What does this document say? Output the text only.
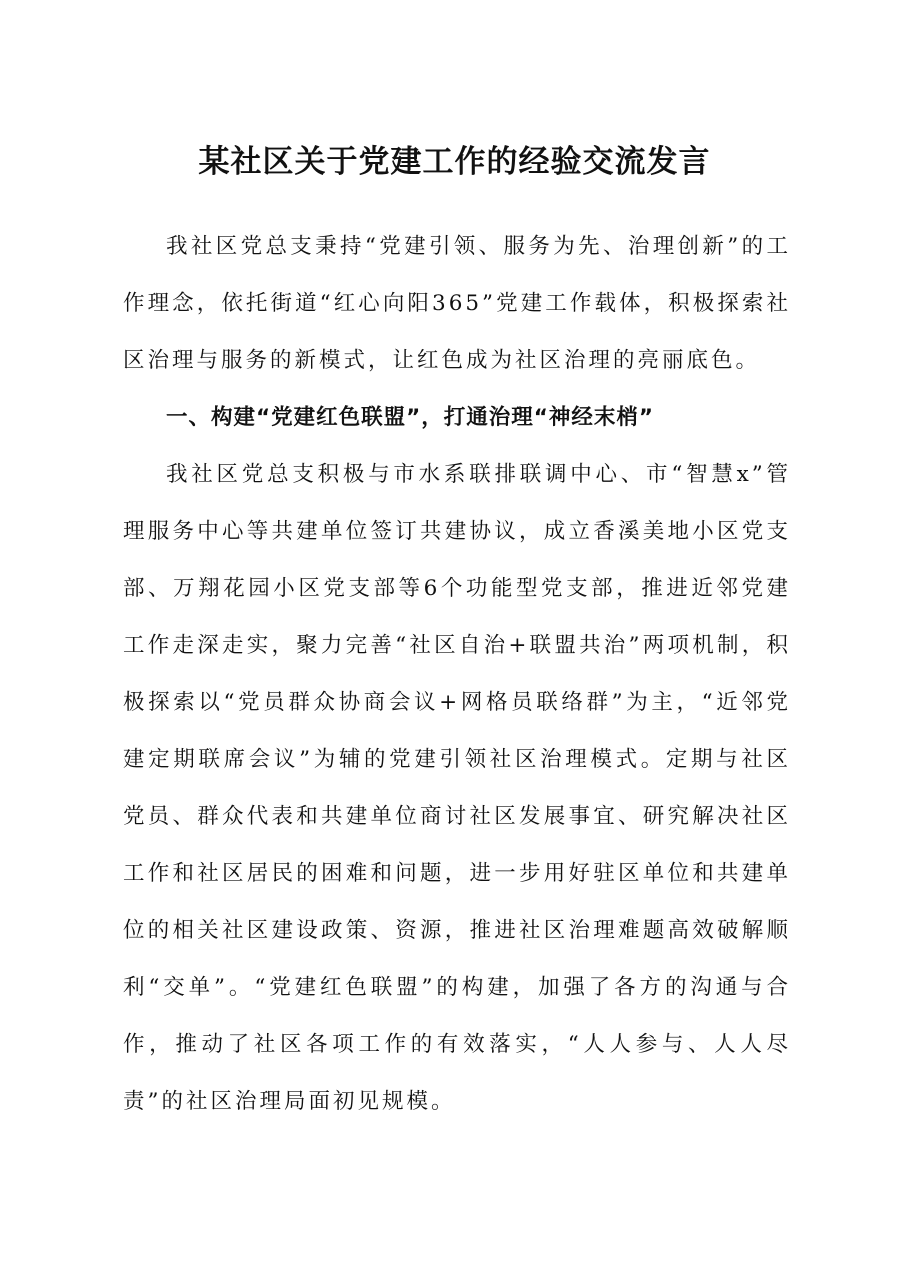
某社区关于党建工作的经验交流发言

我社区党总支秉持“党建引领、服务为先、治理创新”的工作理念，依托街道“红心向阳365”党建工作载体，积极探索社区治理与服务的新模式，让红色成为社区治理的亮丽底色。

一、构建“党建红色联盟”，打通治理“神经末梢”

我社区党总支积极与市水系联排联调中心、市“智慧x”管理服务中心等共建单位签订共建协议，成立香溪美地小区党支部、万翔花园小区党支部等6个功能型党支部，推进近邻党建工作走深走实，聚力完善“社区自治+联盟共治”两项机制，积极探索以“党员群众协商会议+网格员联络群”为主，“近邻党建定期联席会议”为辅的党建引领社区治理模式。定期与社区党员、群众代表和共建单位商讨社区发展事宜、研究解决社区工作和社区居民的困难和问题，进一步用好驻区单位和共建单位的相关社区建设政策、资源，推进社区治理难题高效破解顺利“交单”。“党建红色联盟”的构建，加强了各方的沟通与合作，推动了社区各项工作的有效落实，“人人参与、人人尽责”的社区治理局面初见规模。
